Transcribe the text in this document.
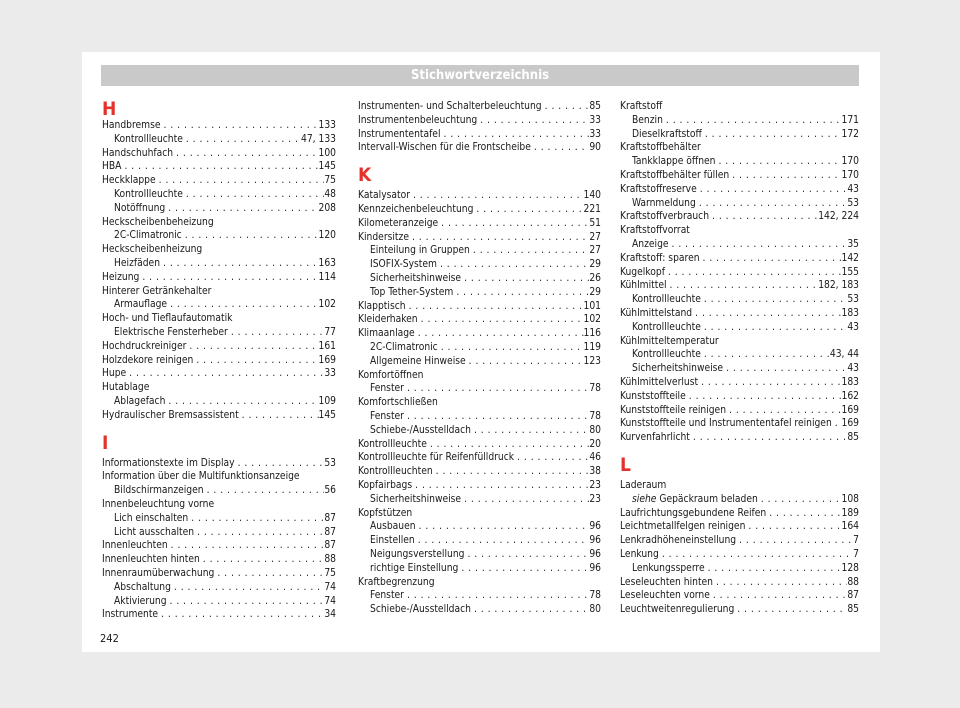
Stichwortverzeichnis
H
Handbremse . . .	133
Kontrollleuchte . . .	47, 133
Handschuhfach . . .	100
HBA . . .	145
Heckklappe . . .	75
Kontrollleuchte . . .	48
Notöffnung . . .	208
Heckscheibenbeheizung
2C-Climatronic . . .	120
Heckscheibenheizung
Heizfäden . . .	163
Heizung . . .	114
Hinterer Getränkehalter
Armauflage . . .	102
Hoch- und Tieflaufautomatik
Elektrische Fensterheber . . .	77
Hochdruckreiniger . . .	161
Holzdekore reinigen . . .	169
Hupe . . .	33
Hutablage
Ablagefach . . .	109
Hydraulischer Bremsassistent . . .	145
I
Informationstexte im Display . . .	53
Information über die Multifunktionsanzeige
Bildschirmanzeigen . . .	56
Innenbeleuchtung vorne
Lich einschalten . . .	87
Licht ausschalten . . .	87
Innenleuchten . . .	87
Innenleuchten hinten . . .	88
Innenraumüberwachung . . .	75
Abschaltung . . .	74
Aktivierung . . .	74
Instrumente . . .	34
Instrumenten- und Schalterbeleuchtung . . .	85
Instrumentenbeleuchtung . . .	33
Instrumententafel . . .	33
Intervall-Wischen für die Frontscheibe . . .	90
K
Katalysator . . .	140
Kennzeichenbeleuchtung . . .	221
Kilometeranzeige . . .	51
Kindersitze . . .	27
Einteilung in Gruppen . . .	27
ISOFIX-System . . .	29
Sicherheitshinweise . . .	26
Top Tether-System . . .	29
Klapptisch . . .	101
Kleiderhaken . . .	102
Klimaanlage . . .	116
2C-Climatronic . . .	119
Allgemeine Hinweise . . .	123
Komfortöffnen
Fenster . . .	78
Komfortschließen
Fenster . . .	78
Schiebe-/Ausstelldach . . .	80
Kontrollleuchte . . .	20
Kontrollleuchte für Reifenfülldruck . . .	46
Kontrollleuchten . . .	38
Kopfairbags . . .	23
Sicherheitshinweise . . .	23
Kopfstützen
Ausbauen . . .	96
Einstellen . . .	96
Neigungsverstellung . . .	96
richtige Einstellung . . .	96
Kraftbegrenzung
Fenster . . .	78
Schiebe-/Ausstelldach . . .	80
Kraftstoff
Benzin . . .	171
Dieselkraftstoff . . .	172
Kraftstoffbehälter
Tankklappe öffnen . . .	170
Kraftstoffbehälter füllen . . .	170
Kraftstoffreserve . . .	43
Warnmeldung . . .	53
Kraftstoffverbrauch . . .	142, 224
Kraftstoffvorrat
Anzeige . . .	35
Kraftstoff: sparen . . .	142
Kugelkopf . . .	155
Kühlmittel . . .	182, 183
Kontrollleuchte . . .	53
Kühlmittelstand . . .	183
Kontrollleuchte . . .	43
Kühlmitteltemperatur
Kontrollleuchte . . .	43, 44
Sicherheitshinweise . . .	43
Kühlmittelverlust . . .	183
Kunststoffteile . . .	162
Kunststoffteile reinigen . . .	169
Kunststoffteile und Instrumententafel reinigen . . . 169
Kurvenfahrlicht . . .	85
L
Laderaum
siehe Gepäckraum beladen . . .	108
Laufrichtungsgebundene Reifen . . .	189
Leichtmetallfelgen reinigen . . .	164
Lenkradhöheneinstellung . . .	7
Lenkung . . .	7
Lenkungssperre . . .	128
Leseleuchten hinten . . .	88
Leseleuchten vorne . . .	87
Leuchtweitenregulierung . . .	85
242
